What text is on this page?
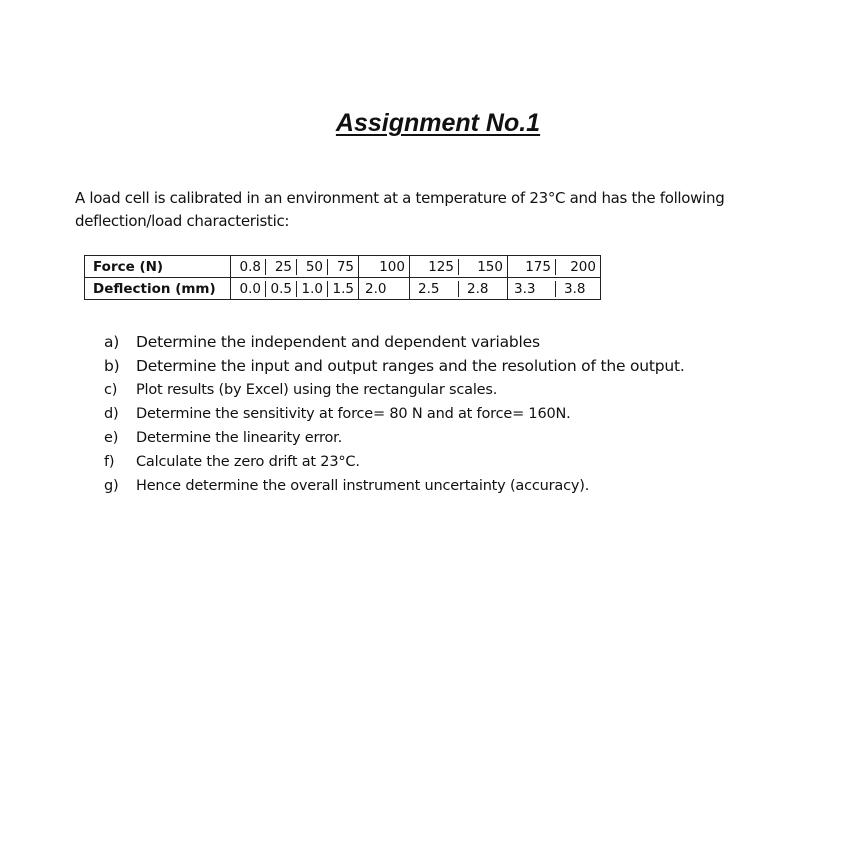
Assignment No.1

A load cell is calibrated in an environment at a temperature of 23°C and has the following deflection/load characteristic:

Force (N)	0.8 25 50 75	100	125 150	175 200

Deflection (mm)	0.0 0.5 1.0 1.5	2.0	2.5 2.8	3.3 3.8
a)	Determine the independent and dependent variables
b)	Determine the input and output ranges and the resolution of the output.
c)	Plot results (by Excel) using the rectangular scales.
d)	Determine the sensitivity at force= 80 N and at force= 160N.
e)	Determine the linearity error.
f)	Calculate the zero drift at 23°C.
g)	Hence determine the overall instrument uncertainty (accuracy).
